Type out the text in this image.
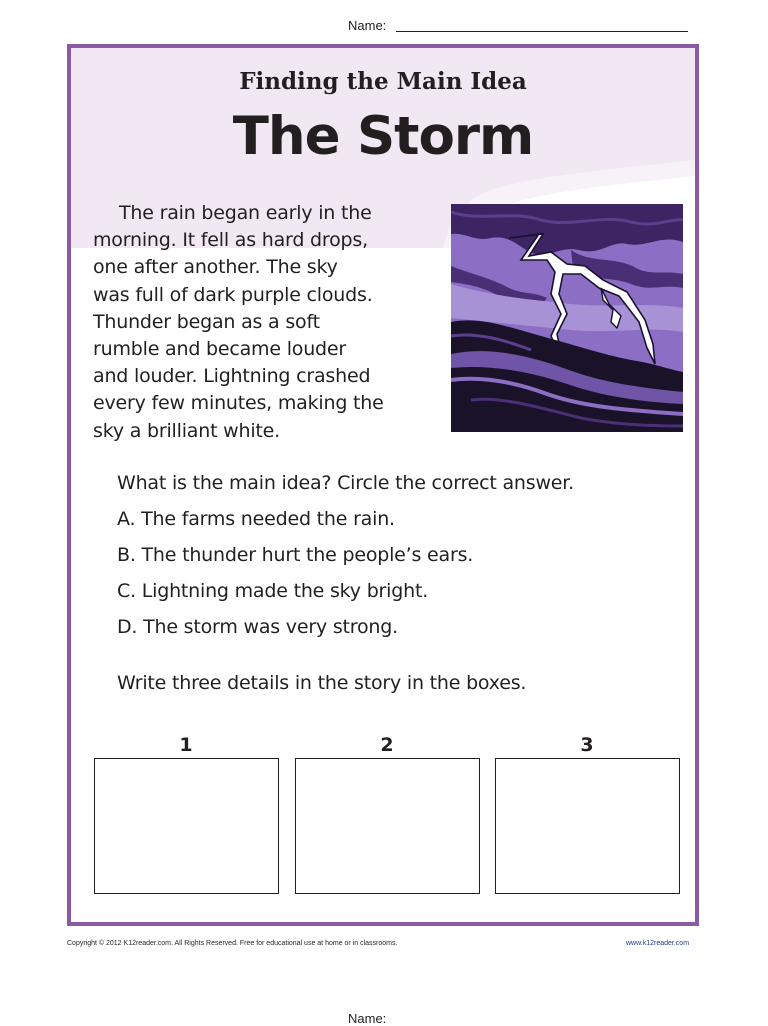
Name:
Finding the Main Idea
The Storm
The rain began early in the
morning. It fell as hard drops,
one after another. The sky
was full of dark purple clouds.
Thunder began as a soft
rumble and became louder
and louder. Lightning crashed
every few minutes, making the
sky a brilliant white.
What is the main idea? Circle the correct answer.
A. The farms needed the rain.
B. The thunder hurt the people’s ears.
C. Lightning made the sky bright.
D. The storm was very strong.
Write three details in the story in the boxes.
1	2	3
Copyright © 2012 K12reader.com. All Rights Reserved. Free for educational use at home or in classrooms.	www.k12reader.com
Name:
